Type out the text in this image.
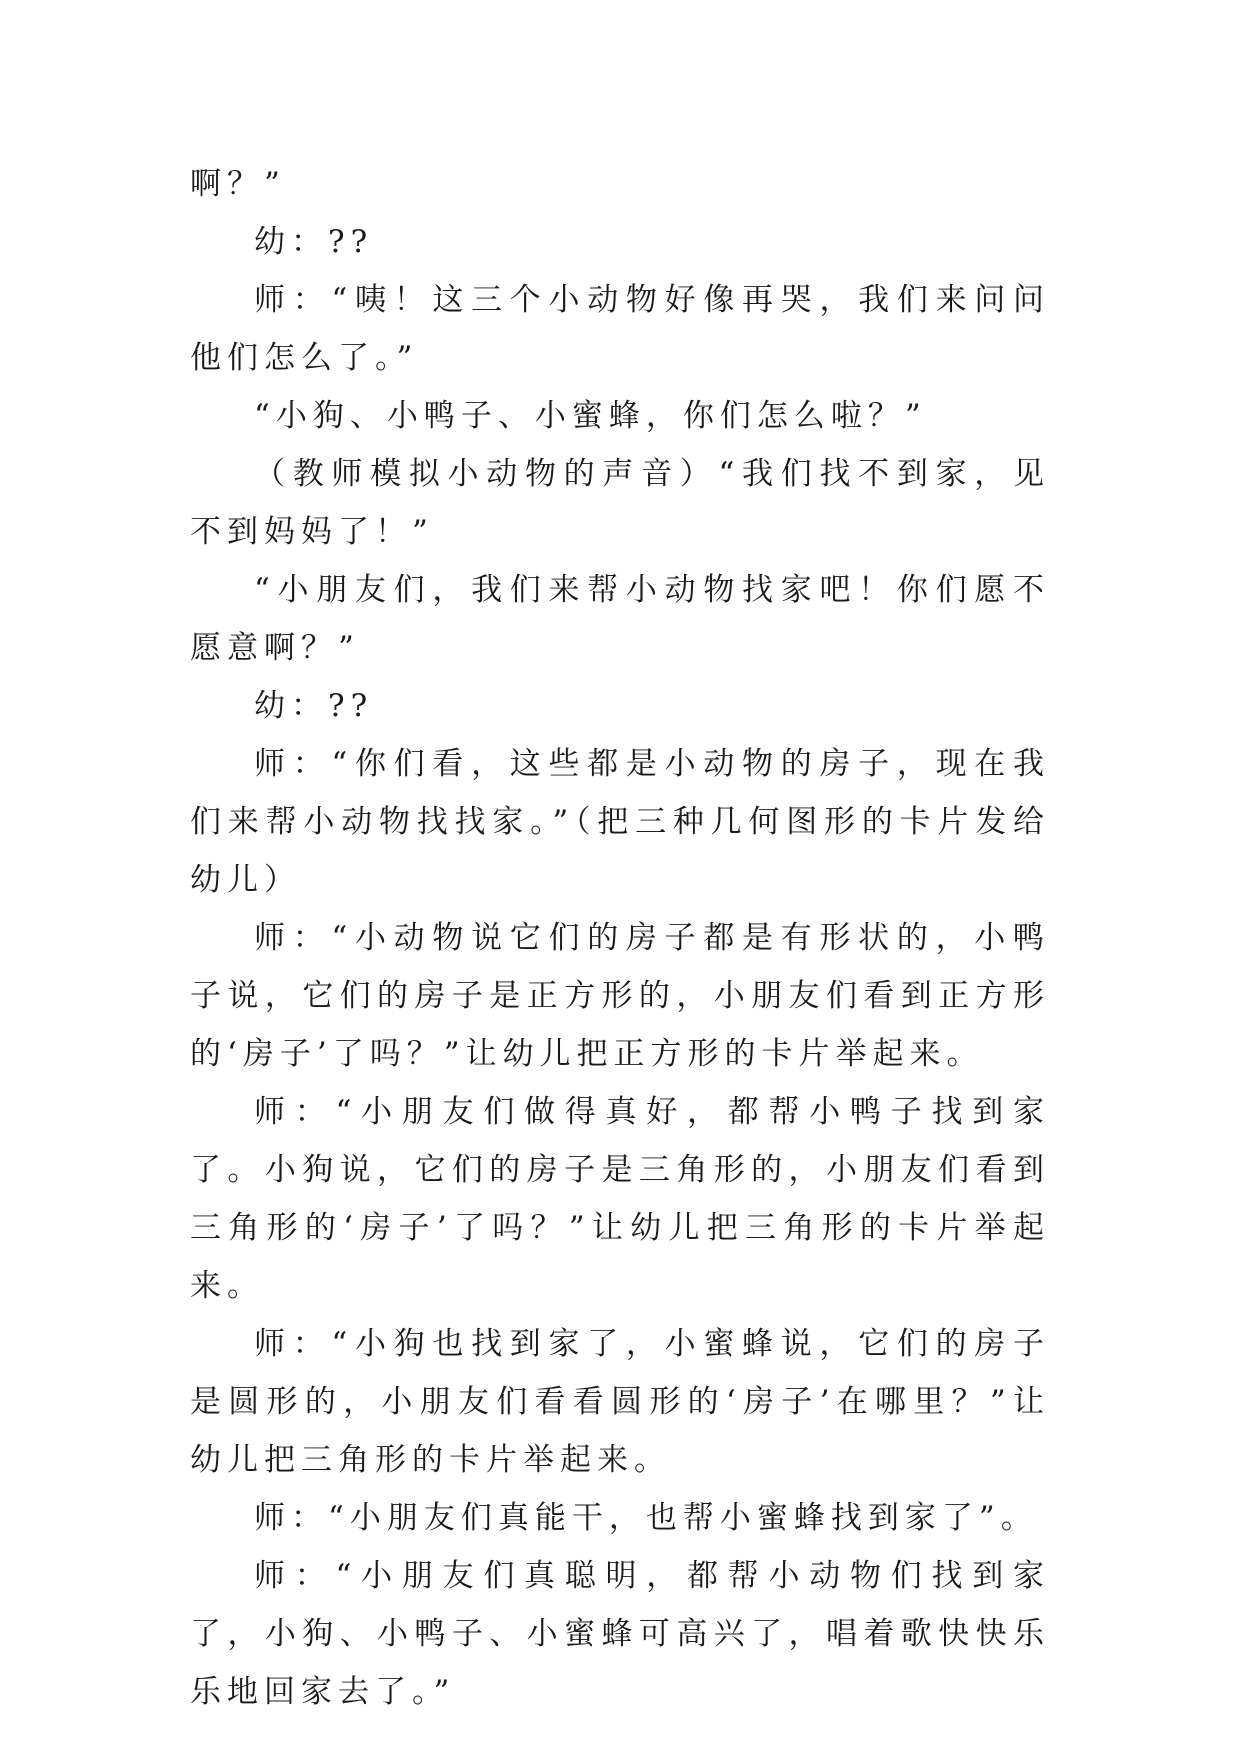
啊？”

幼：??

师：“咦！这三个小动物好像再哭，我们来问问他们怎么了。”

“小狗、小鸭子、小蜜蜂，你们怎么啦？”

（教师模拟小动物的声音）“我们找不到家，见不到妈妈了！”

“小朋友们，我们来帮小动物找家吧！你们愿不愿意啊？”

幼：??

师：“你们看，这些都是小动物的房子，现在我们来帮小动物找找家。”（把三种几何图形的卡片发给幼儿）

师：“小动物说它们的房子都是有形状的，小鸭子说，它们的房子是正方形的，小朋友们看到正方形的‘房子’了吗？”让幼儿把正方形的卡片举起来。

师：“小朋友们做得真好，都帮小鸭子找到家了。小狗说，它们的房子是三角形的，小朋友们看到三角形的‘房子’了吗？”让幼儿把三角形的卡片举起来。

师：“小狗也找到家了，小蜜蜂说，它们的房子是圆形的，小朋友们看看圆形的‘房子’在哪里？”让幼儿把三角形的卡片举起来。

师：“小朋友们真能干，也帮小蜜蜂找到家了”。

师：“小朋友们真聪明，都帮小动物们找到家了，小狗、小鸭子、小蜜蜂可高兴了，唱着歌快快乐乐地回家去了。”
